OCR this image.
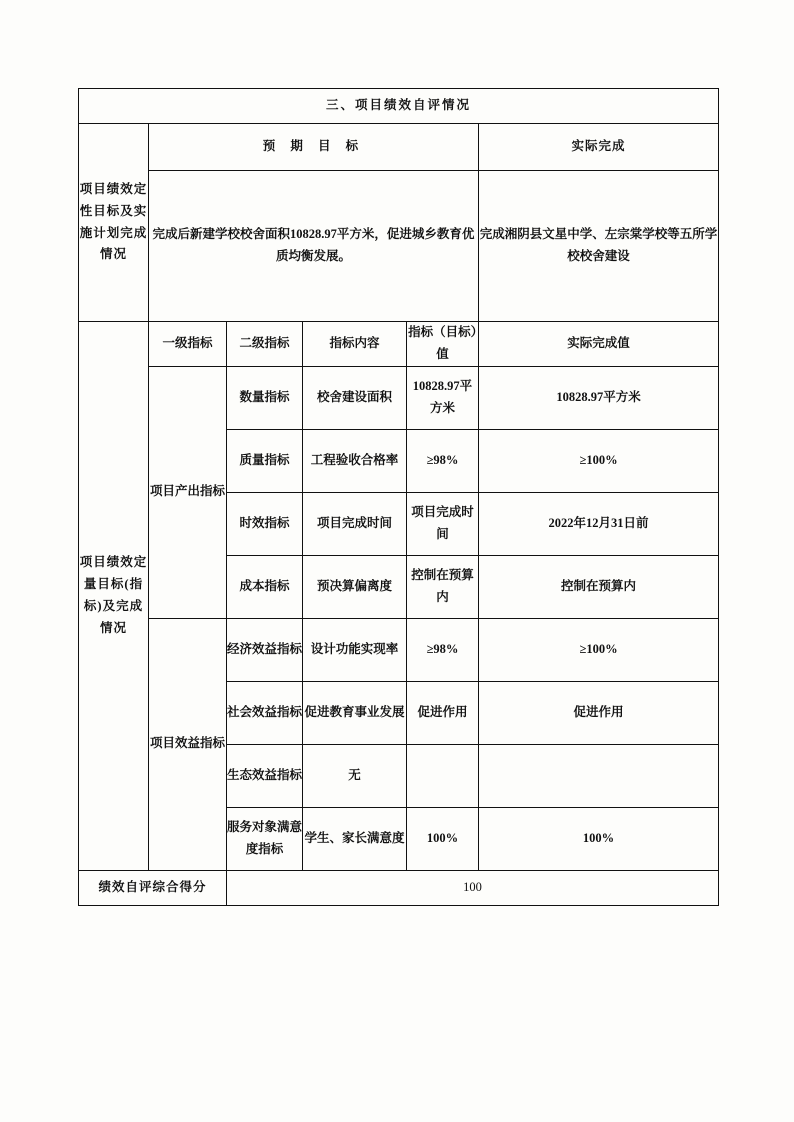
三、项目绩效自评情况					
项目绩效定性目标及实施计划完成情况	预 期 目 标				实际完成
	完成后新建学校校舍面积10828.97平方米，促进城乡教育优质均衡发展。				完成湘阴县文星中学、左宗棠学校等五所学校校舍建设
项目绩效定量目标(指标)及完成情况	一级指标	二级指标	指标内容	指标（目标）值	实际完成值
	项目产出指标	数量指标	校舍建设面积	10828.97平方米	10828.97平方米
		质量指标	工程验收合格率	≥98%	≥100%
		时效指标	项目完成时间	项目完成时间	2022年12月31日前
		成本指标	预决算偏离度	控制在预算内	控制在预算内
	项目效益指标	经济效益指标	设计功能实现率	≥98%	≥100%
		社会效益指标	促进教育事业发展	促进作用	促进作用
		生态效益指标	无		
		服务对象满意度指标	学生、家长满意度	100%	100%
绩效自评综合得分		100			
